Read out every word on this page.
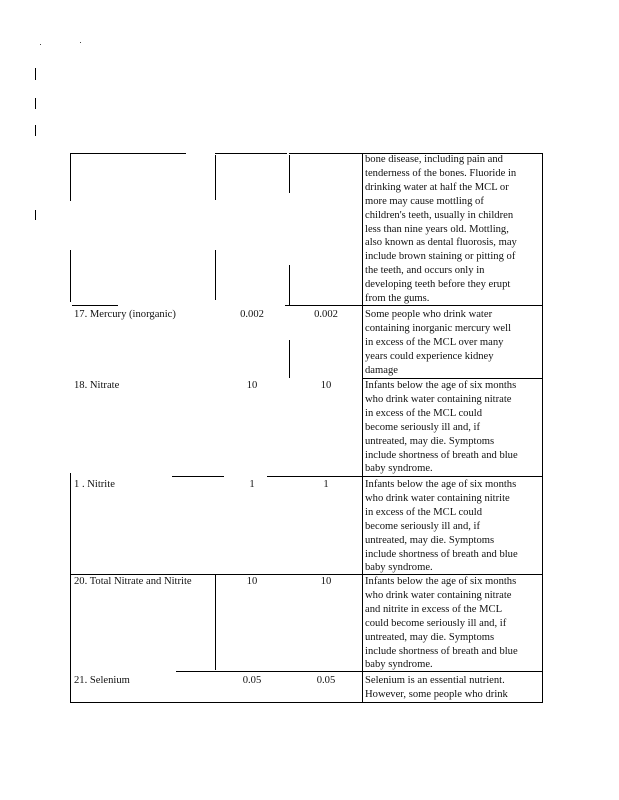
bone disease, including pain and
tenderness of the bones. Fluoride in
drinking water at half the MCL or
more may cause mottling of
children's teeth, usually in children
less than nine years old. Mottling,
also known as dental fluorosis, may
include brown staining or pitting of
the teeth, and occurs only in
developing teeth before they erupt
from the gums.
17. Mercury (inorganic)	0.002	0.002	Some people who drink water
containing inorganic mercury well
in excess of the MCL over many
years could experience kidney
damage
18. Nitrate	10	10	Infants below the age of six months
who drink water containing nitrate
in excess of the MCL could
become seriously ill and, if
untreated, may die. Symptoms
include shortness of breath and blue
baby syndrome.
1 . Nitrite	1	1	Infants below the age of six months
who drink water containing nitrite
in excess of the MCL could
become seriously ill and, if
untreated, may die. Symptoms
include shortness of breath and blue
baby syndrome.
20. Total Nitrate and Nitrite	10	10	Infants below the age of six months
who drink water containing nitrate
and nitrite in excess of the MCL
could become seriously ill and, if
untreated, may die. Symptoms
include shortness of breath and blue
baby syndrome.
21. Selenium	0.05	0.05	Selenium is an essential nutrient.
However, some people who drink
